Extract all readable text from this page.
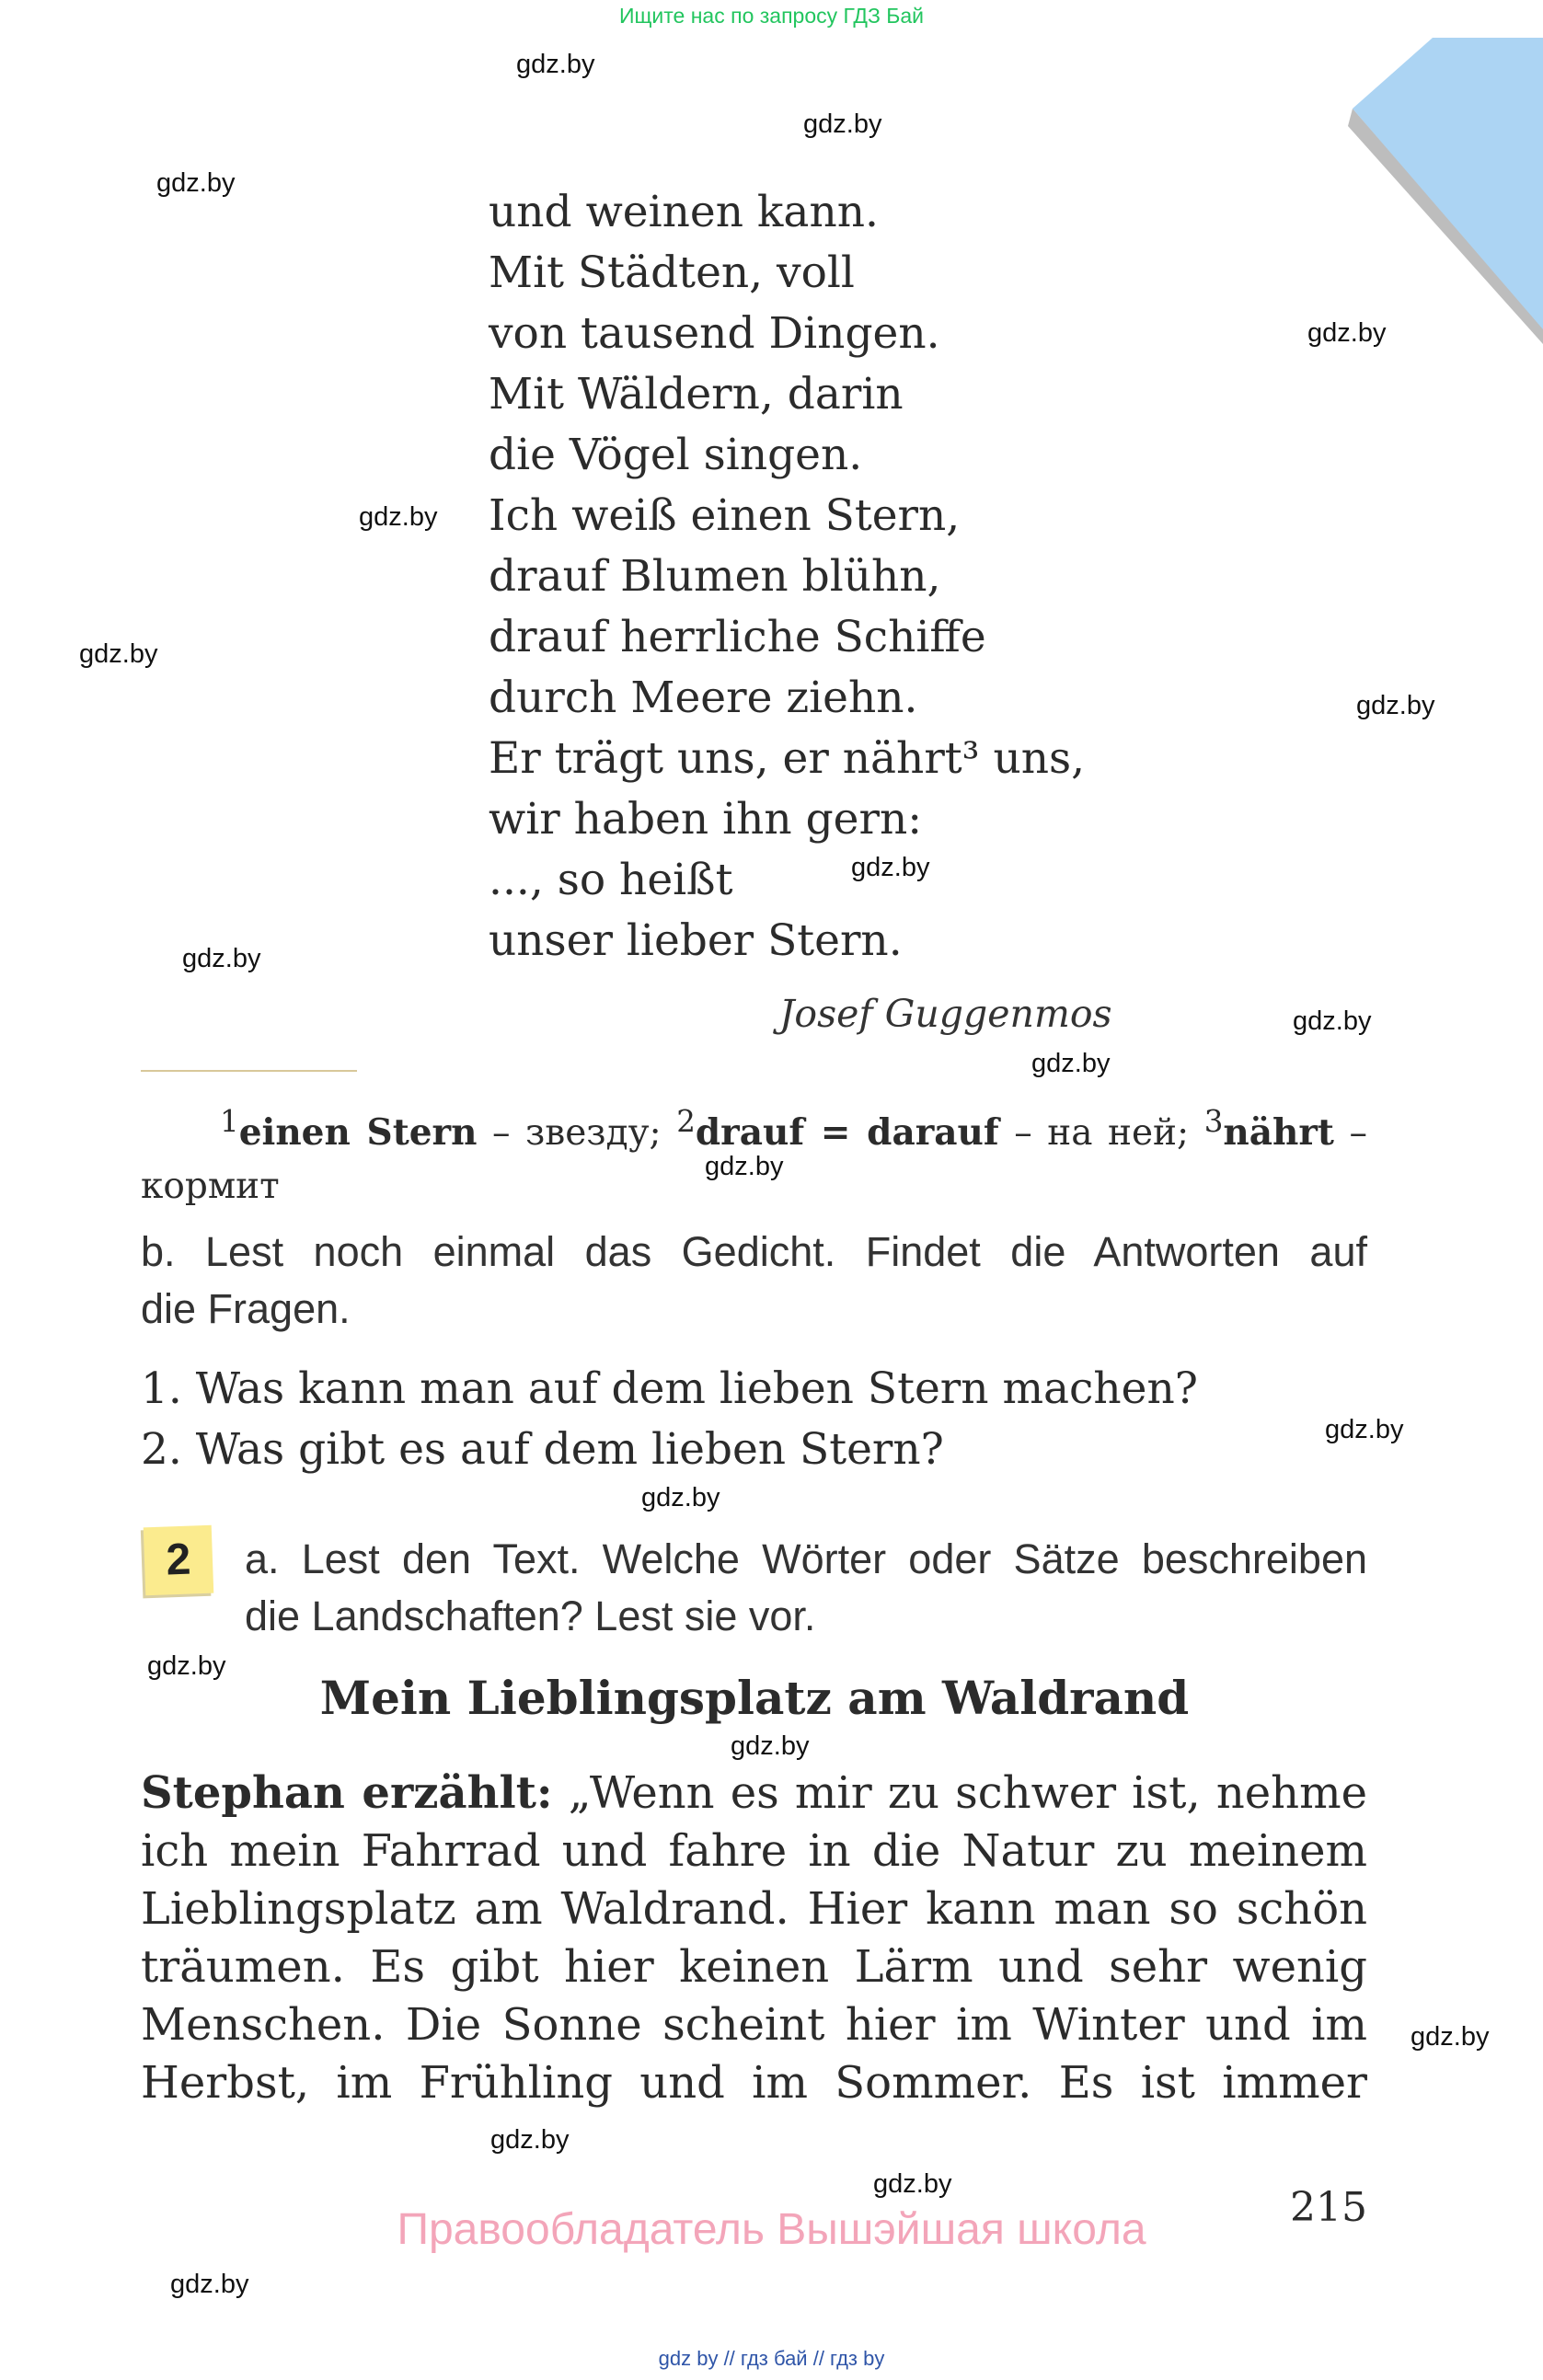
Ищите нас по запросу ГДЗ Бай
gdz.by
gdz.by
gdz.by
gdz.by
gdz.by
gdz.by
gdz.by
gdz.by
gdz.by
gdz.by
gdz.by
gdz.by
gdz.by
gdz.by
gdz.by
gdz.by
gdz.by
gdz.by
gdz.by
gdz.by
und weinen kann.
Mit Städten, voll
von tausend Dingen.
Mit Wäldern, darin
die Vögel singen.
Ich weiß einen Stern,
drauf Blumen blühn,
drauf herrliche Schiffe
durch Meere ziehn.
Er trägt uns, er nährt³ uns,
wir haben ihn gern:
..., so heißt
unser lieber Stern.
Josef Guggenmos
$^1$einen Stern – звезду; $^2$drauf = darauf – на ней; $^3$nährt – кормит
b. Lest noch einmal das Gedicht. Findet die Antworten auf
die Fragen.
1. Was kann man auf dem lieben Stern machen?
2. Was gibt es auf dem lieben Stern?
2	a. Lest den Text. Welche Wörter oder Sätze beschreiben
die Landschaften? Lest sie vor.
Mein Lieblingsplatz am Waldrand
Stephan erzählt: „Wenn es mir zu schwer ist, nehme
ich mein Fahrrad und fahre in die Natur zu meinem
Lieblingsplatz am Waldrand. Hier kann man so schön
träumen. Es gibt hier keinen Lärm und sehr wenig
Menschen. Die Sonne scheint hier im Winter und im
Herbst, im Frühling und im Sommer. Es ist immer
215
Правообладатель Вышэйшая школа
gdz by // гдз бай // гдз by
